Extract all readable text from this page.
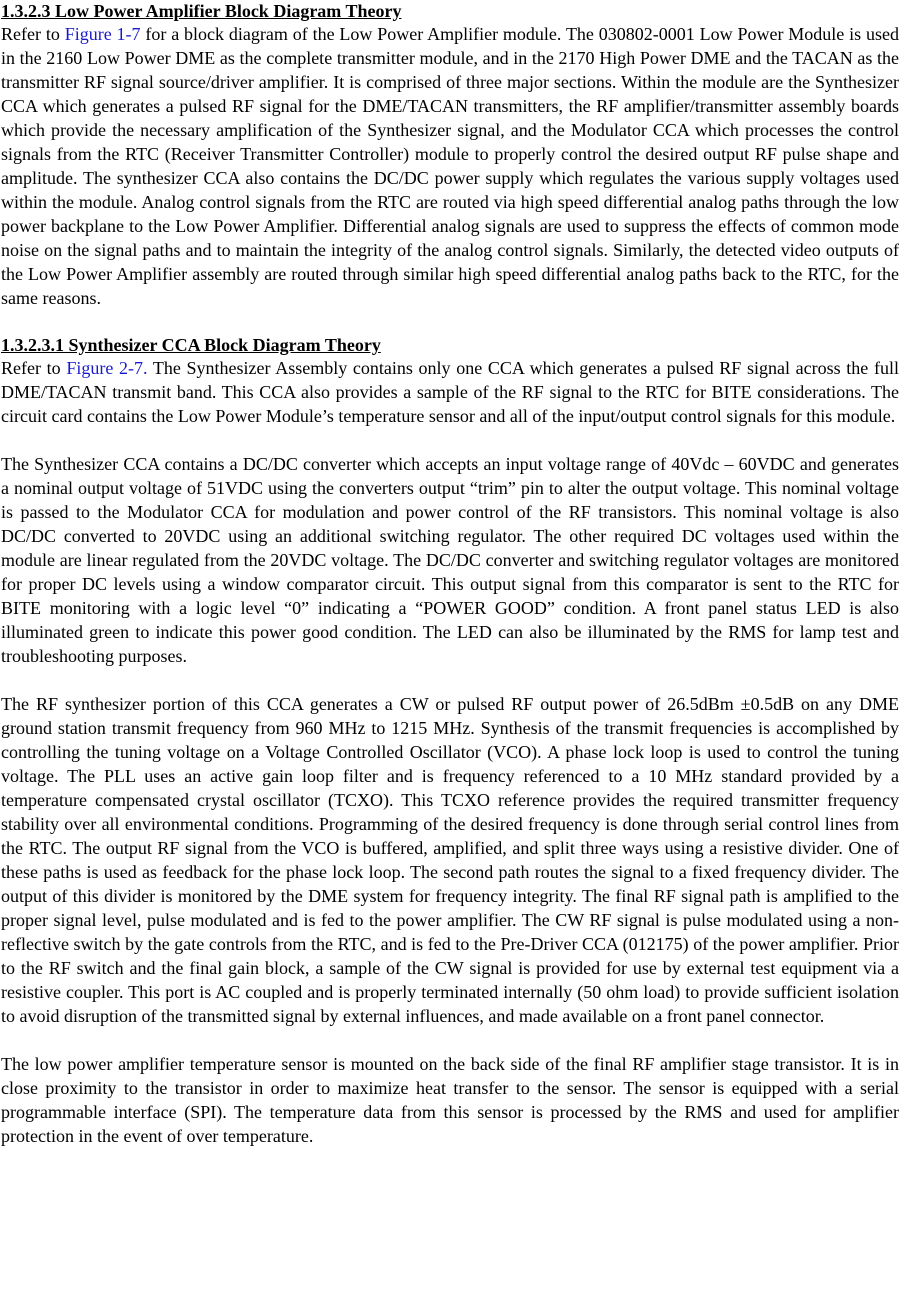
1.3.2.3 Low Power Amplifier Block Diagram Theory

Refer to Figure 1-7 for a block diagram of the Low Power Amplifier module. The 030802-0001 Low Power Module is used in the 2160 Low Power DME as the complete transmitter module, and in the 2170 High Power DME and the TACAN as the transmitter RF signal source/driver amplifier. It is comprised of three major sections. Within the module are the Synthesizer CCA which generates a pulsed RF signal for the DME/TACAN transmitters, the RF amplifier/transmitter assembly boards which provide the necessary amplification of the Synthesizer signal, and the Modulator CCA which processes the control signals from the RTC (Receiver Transmitter Controller) module to properly control the desired output RF pulse shape and amplitude. The synthesizer CCA also contains the DC/DC power supply which regulates the various supply voltages used within the module. Analog control signals from the RTC are routed via high speed differential analog paths through the low power backplane to the Low Power Amplifier. Differential analog signals are used to suppress the effects of common mode noise on the signal paths and to maintain the integrity of the analog control signals. Similarly, the detected video outputs of the Low Power Amplifier assembly are routed through similar high speed differential analog paths back to the RTC, for the same reasons.

1.3.2.3.1 Synthesizer CCA Block Diagram Theory

Refer to Figure 2-7. The Synthesizer Assembly contains only one CCA which generates a pulsed RF signal across the full DME/TACAN transmit band. This CCA also provides a sample of the RF signal to the RTC for BITE considerations. The circuit card contains the Low Power Module’s temperature sensor and all of the input/output control signals for this module.

The Synthesizer CCA contains a DC/DC converter which accepts an input voltage range of 40Vdc – 60VDC and generates a nominal output voltage of 51VDC using the converters output “trim” pin to alter the output voltage. This nominal voltage is passed to the Modulator CCA for modulation and power control of the RF transistors. This nominal voltage is also DC/DC converted to 20VDC using an additional switching regulator. The other required DC voltages used within the module are linear regulated from the 20VDC voltage. The DC/DC converter and switching regulator voltages are monitored for proper DC levels using a window comparator circuit. This output signal from this comparator is sent to the RTC for BITE monitoring with a logic level “0” indicating a “POWER GOOD” condition. A front panel status LED is also illuminated green to indicate this power good condition. The LED can also be illuminated by the RMS for lamp test and troubleshooting purposes.

The RF synthesizer portion of this CCA generates a CW or pulsed RF output power of 26.5dBm ±0.5dB on any DME ground station transmit frequency from 960 MHz to 1215 MHz. Synthesis of the transmit frequencies is accomplished by controlling the tuning voltage on a Voltage Controlled Oscillator (VCO). A phase lock loop is used to control the tuning voltage. The PLL uses an active gain loop filter and is frequency referenced to a 10 MHz standard provided by a temperature compensated crystal oscillator (TCXO). This TCXO reference provides the required transmitter frequency stability over all environmental conditions. Programming of the desired frequency is done through serial control lines from the RTC. The output RF signal from the VCO is buffered, amplified, and split three ways using a resistive divider. One of these paths is used as feedback for the phase lock loop. The second path routes the signal to a fixed frequency divider. The output of this divider is monitored by the DME system for frequency integrity. The final RF signal path is amplified to the proper signal level, pulse modulated and is fed to the power amplifier. The CW RF signal is pulse modulated using a non-reflective switch by the gate controls from the RTC, and is fed to the Pre-Driver CCA (012175) of the power amplifier. Prior to the RF switch and the final gain block, a sample of the CW signal is provided for use by external test equipment via a resistive coupler. This port is AC coupled and is properly terminated internally (50 ohm load) to provide sufficient isolation to avoid disruption of the transmitted signal by external influences, and made available on a front panel connector.

The low power amplifier temperature sensor is mounted on the back side of the final RF amplifier stage transistor. It is in close proximity to the transistor in order to maximize heat transfer to the sensor. The sensor is equipped with a serial programmable interface (SPI). The temperature data from this sensor is processed by the RMS and used for amplifier protection in the event of over temperature.
